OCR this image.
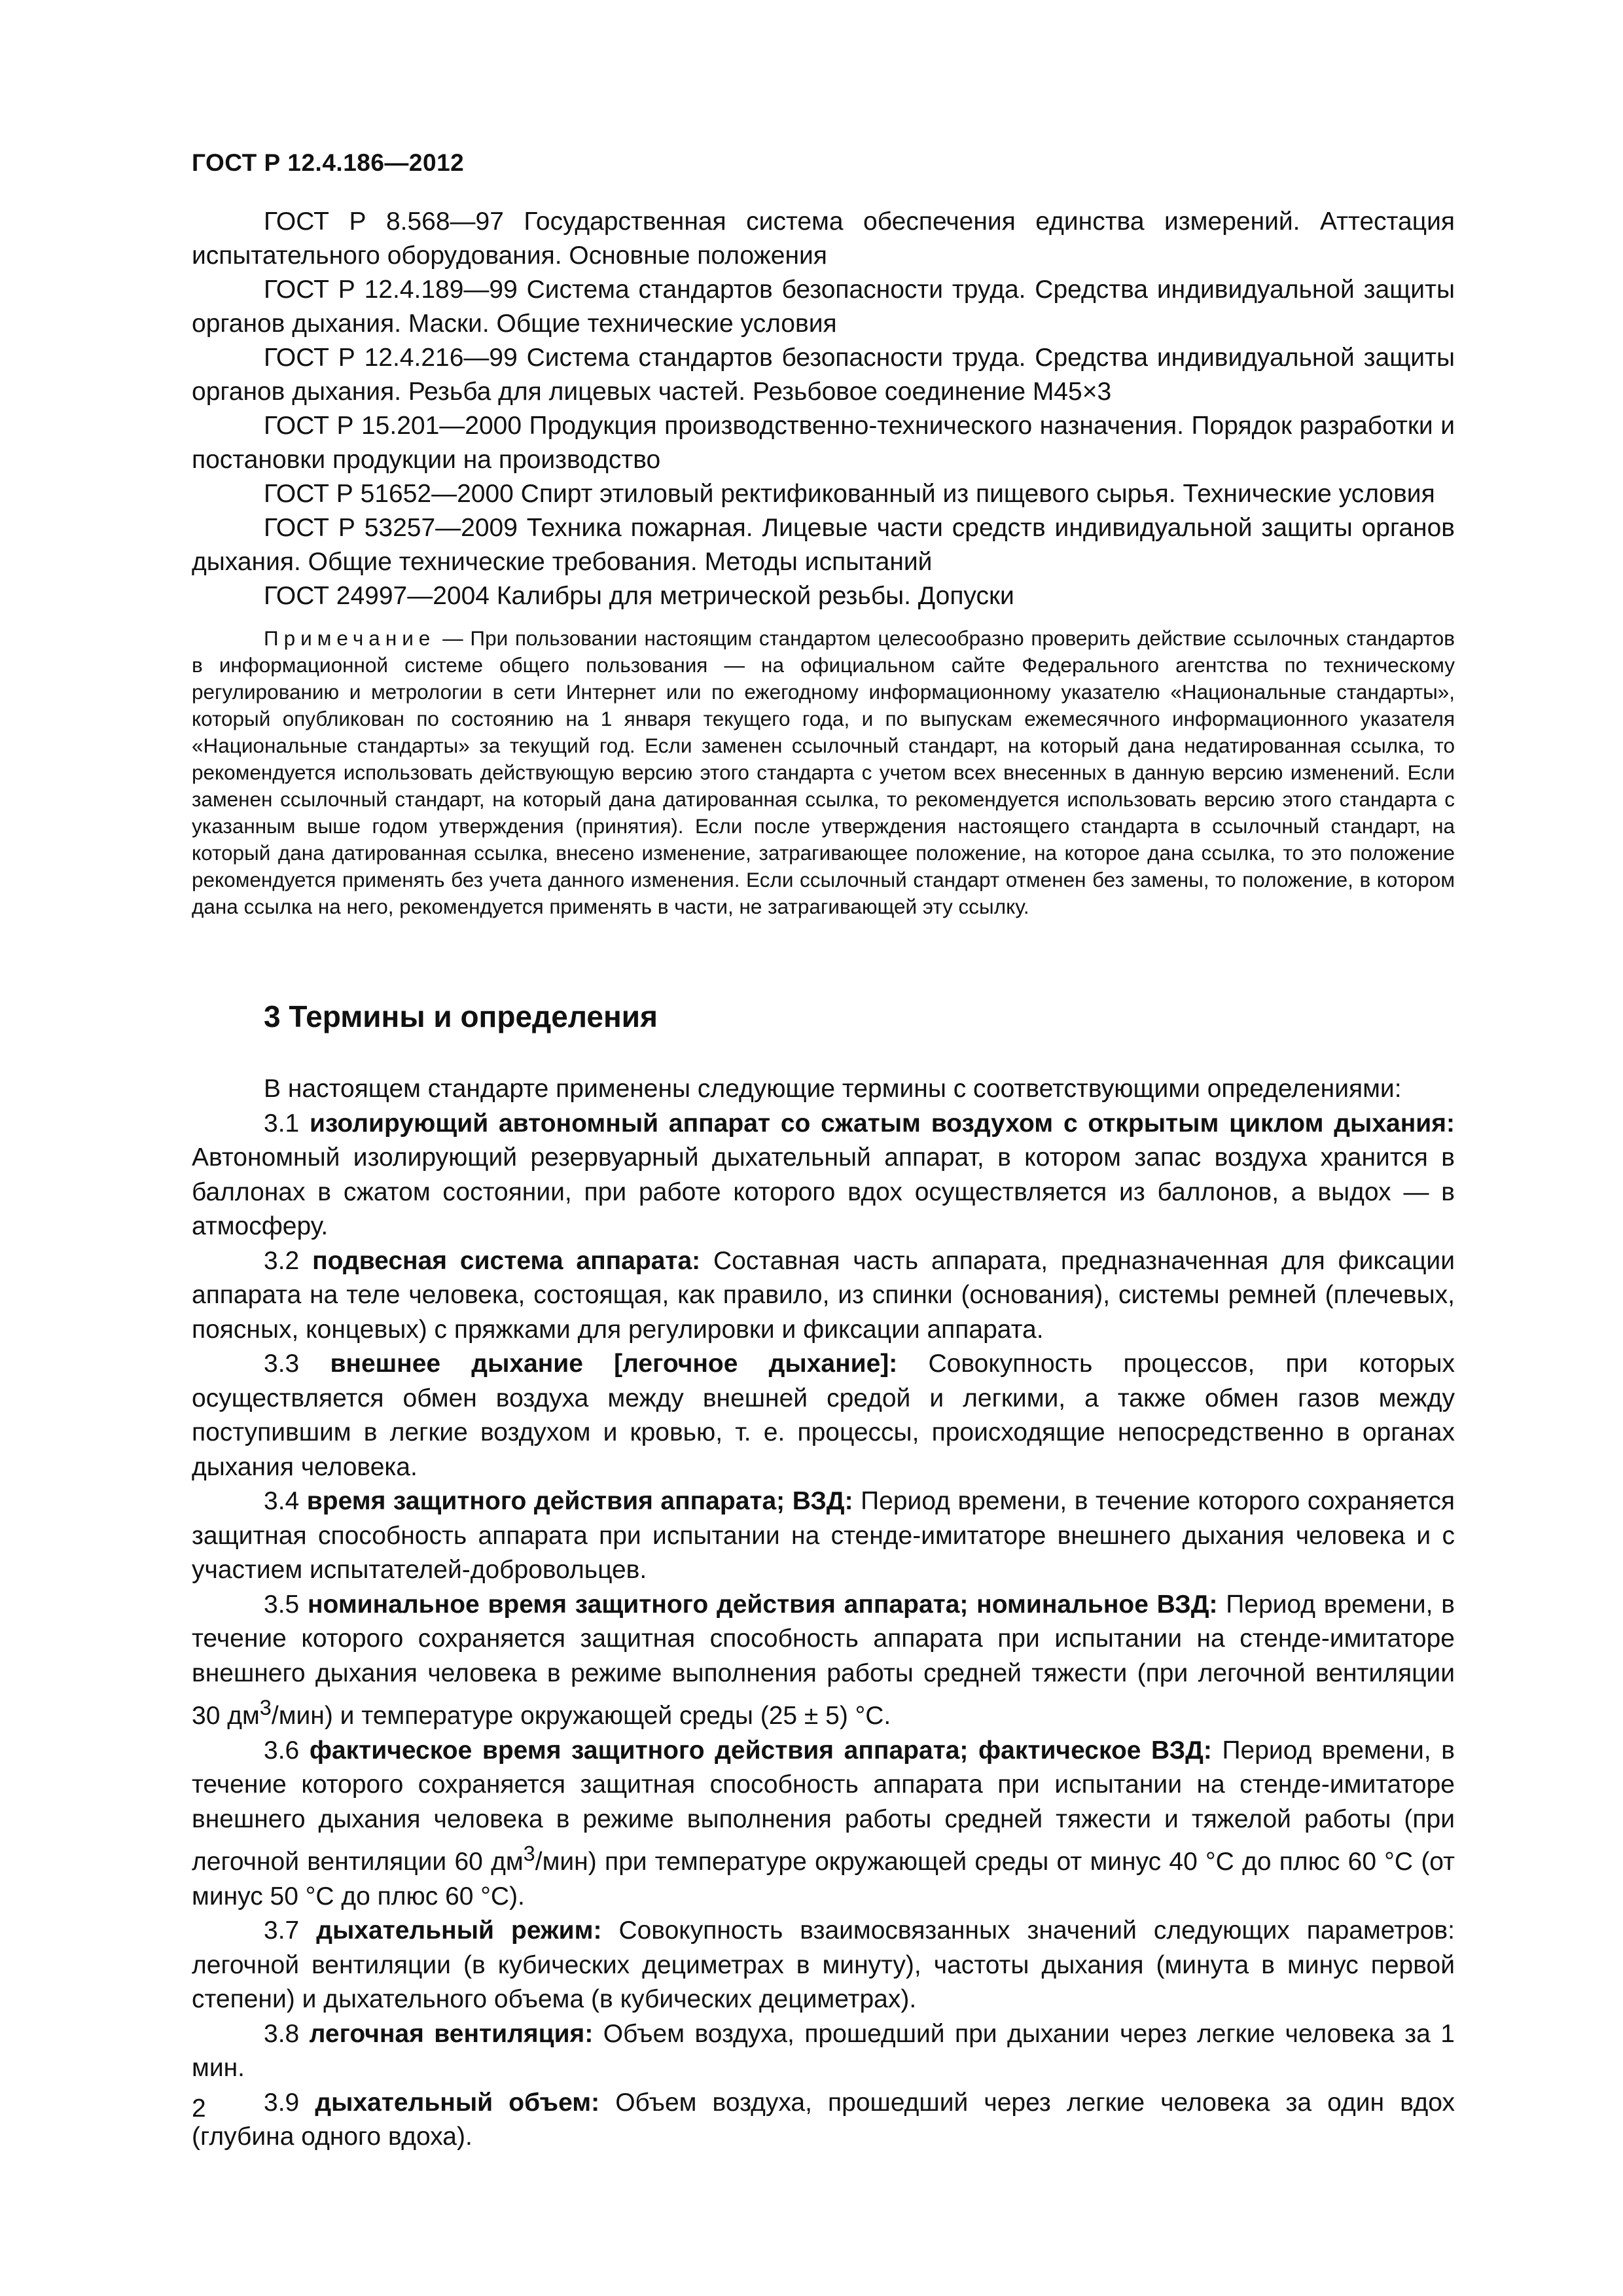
ГОСТ Р 12.4.186—2012

ГОСТ Р 8.568—97 Государственная система обеспечения единства измерений. Аттестация испытательного оборудования. Основные положения

ГОСТ Р 12.4.189—99 Система стандартов безопасности труда. Средства индивидуальной защиты органов дыхания. Маски. Общие технические условия

ГОСТ Р 12.4.216—99 Система стандартов безопасности труда. Средства индивидуальной защиты органов дыхания. Резьба для лицевых частей. Резьбовое соединение М45×3

ГОСТ Р 15.201—2000 Продукция производственно-технического назначения. Порядок разработки и постановки продукции на производство

ГОСТ Р 51652—2000 Спирт этиловый ректификованный из пищевого сырья. Технические условия

ГОСТ Р 53257—2009 Техника пожарная. Лицевые части средств индивидуальной защиты органов дыхания. Общие технические требования. Методы испытаний

ГОСТ 24997—2004 Калибры для метрической резьбы. Допуски

Примечание — При пользовании настоящим стандартом целесообразно проверить действие ссылочных стандартов в информационной системе общего пользования — на официальном сайте Федерального агентства по техническому регулированию и метрологии в сети Интернет или по ежегодному информационному указателю «Национальные стандарты», который опубликован по состоянию на 1 января текущего года, и по выпускам ежемесячного информационного указателя «Национальные стандарты» за текущий год. Если заменен ссылочный стандарт, на который дана недатированная ссылка, то рекомендуется использовать действующую версию этого стандарта с учетом всех внесенных в данную версию изменений. Если заменен ссылочный стандарт, на который дана датированная ссылка, то рекомендуется использовать версию этого стандарта с указанным выше годом утверждения (принятия). Если после утверждения настоящего стандарта в ссылочный стандарт, на который дана датированная ссылка, внесено изменение, затрагивающее положение, на которое дана ссылка, то это положение рекомендуется применять без учета данного изменения. Если ссылочный стандарт отменен без замены, то положение, в котором дана ссылка на него, рекомендуется применять в части, не затрагивающей эту ссылку.

3 Термины и определения

В настоящем стандарте применены следующие термины с соответствующими определениями:

3.1 изолирующий автономный аппарат со сжатым воздухом с открытым циклом дыхания: Автономный изолирующий резервуарный дыхательный аппарат, в котором запас воздуха хранится в баллонах в сжатом состоянии, при работе которого вдох осуществляется из баллонов, а выдох — в атмосферу.

3.2 подвесная система аппарата: Составная часть аппарата, предназначенная для фиксации аппарата на теле человека, состоящая, как правило, из спинки (основания), системы ремней (плечевых, поясных, концевых) с пряжками для регулировки и фиксации аппарата.

3.3 внешнее дыхание [легочное дыхание]: Совокупность процессов, при которых осуществляется обмен воздуха между внешней средой и легкими, а также обмен газов между поступившим в легкие воздухом и кровью, т. е. процессы, происходящие непосредственно в органах дыхания человека.

3.4 время защитного действия аппарата; ВЗД: Период времени, в течение которого сохраняется защитная способность аппарата при испытании на стенде-имитаторе внешнего дыхания человека и с участием испытателей-добровольцев.

3.5 номинальное время защитного действия аппарата; номинальное ВЗД: Период времени, в течение которого сохраняется защитная способность аппарата при испытании на стенде-имитаторе внешнего дыхания человека в режиме выполнения работы средней тяжести (при легочной вентиляции 30 $дм^3/мин$) и температуре окружающей среды (25 ± 5) °С.

3.6 фактическое время защитного действия аппарата; фактическое ВЗД: Период времени, в течение которого сохраняется защитная способность аппарата при испытании на стенде-имитаторе внешнего дыхания человека в режиме выполнения работы средней тяжести и тяжелой работы (при легочной вентиляции 60 $дм^3/мин$) при температуре окружающей среды от минус 40 °С до плюс 60 °С (от минус 50 °С до плюс 60 °С).

3.7 дыхательный режим: Совокупность взаимосвязанных значений следующих параметров: легочной вентиляции (в кубических дециметрах в минуту), частоты дыхания (минута в минус первой степени) и дыхательного объема (в кубических дециметрах).

3.8 легочная вентиляция: Объем воздуха, прошедший при дыхании через легкие человека за 1 мин.

3.9 дыхательный объем: Объем воздуха, прошедший через легкие человека за один вдох (глубина одного вдоха).

2
